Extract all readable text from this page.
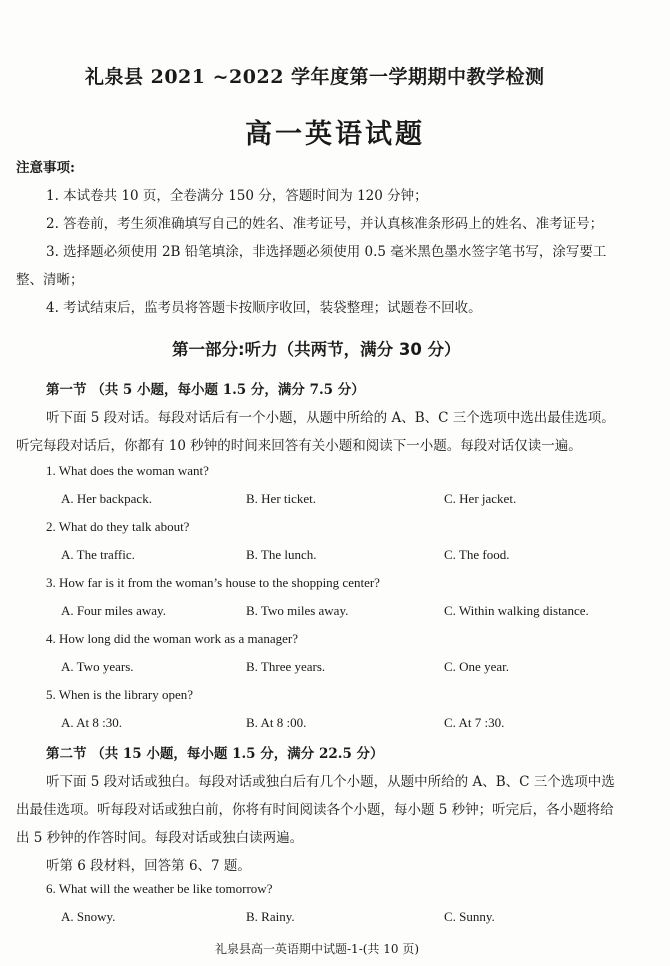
礼泉县 2021 ~2022 学年度第一学期期中教学检测
高一英语试题
注意事项:
1. 本试卷共 10 页，全卷满分 150 分，答题时间为 120 分钟；
2. 答卷前，考生须准确填写自己的姓名、准考证号，并认真核准条形码上的姓名、准考证号；
3. 选择题必须使用 2B 铅笔填涂，非选择题必须使用 0.5 毫米黑色墨水签字笔书写，涂写要工
整、清晰；
4. 考试结束后，监考员将答题卡按顺序收回，装袋整理；试题卷不回收。
第一部分:听力（共两节，满分 30 分）
第一节 （共 5 小题，每小题 1.5 分，满分 7.5 分）
听下面 5 段对话。每段对话后有一个小题，从题中所给的 A、B、C 三个选项中选出最佳选项。
听完每段对话后，你都有 10 秒钟的时间来回答有关小题和阅读下一小题。每段对话仅读一遍。
1. What does the woman want?
A. Her backpack.	B. Her ticket.	C. Her jacket.
2. What do they talk about?
A. The traffic.	B. The lunch.	C. The food.
3. How far is it from the woman’s house to the shopping center?
A. Four miles away.	B. Two miles away.	C. Within walking distance.
4. How long did the woman work as a manager?
A. Two years.	B. Three years.	C. One year.
5. When is the library open?
A. At 8 :30.	B. At 8 :00.	C. At 7 :30.
第二节 （共 15 小题，每小题 1.5 分，满分 22.5 分）
听下面 5 段对话或独白。每段对话或独白后有几个小题，从题中所给的 A、B、C 三个选项中选
出最佳选项。听每段对话或独白前，你将有时间阅读各个小题，每小题 5 秒钟；听完后，各小题将给
出 5 秒钟的作答时间。每段对话或独白读两遍。
听第 6 段材料，回答第 6、7 题。
6. What will the weather be like tomorrow?
A. Snowy.	B. Rainy.	C. Sunny.
礼泉县高一英语期中试题-1-(共 10 页)
